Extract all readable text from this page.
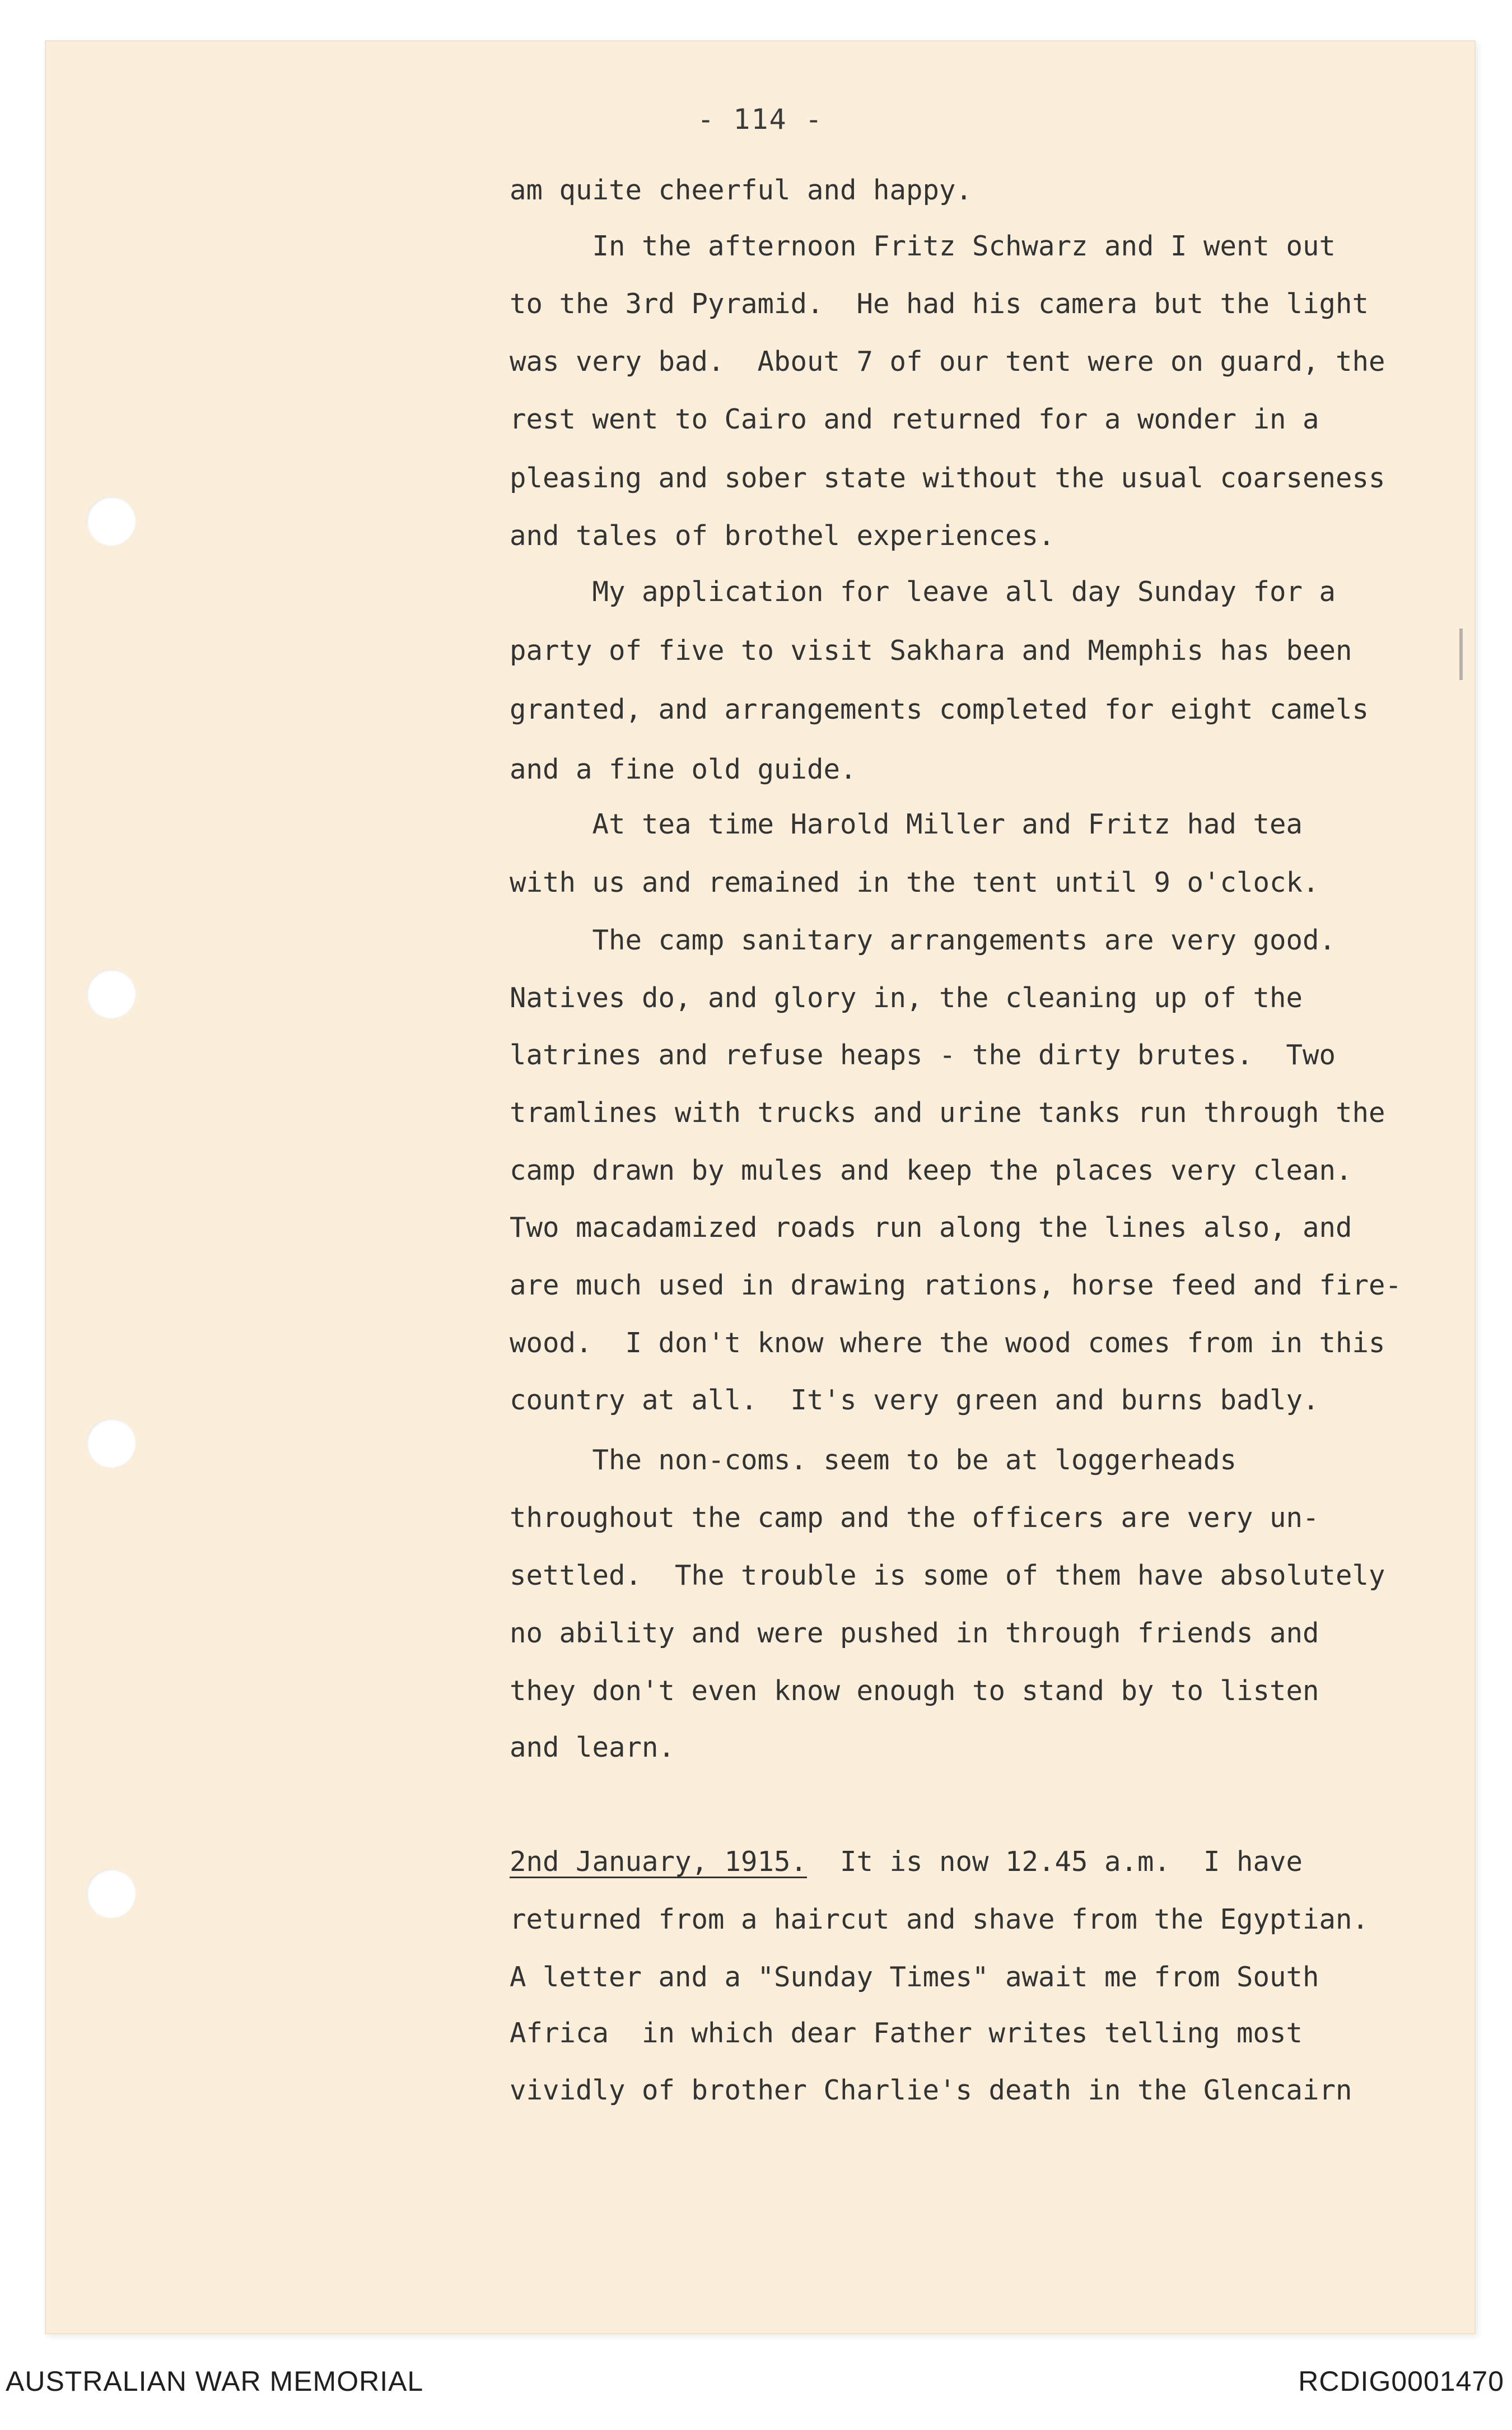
- 114 -

am quite cheerful and happy.

In the afternoon Fritz Schwarz and I went out

to the 3rd Pyramid.  He had his camera but the light

was very bad.  About 7 of our tent were on guard, the

rest went to Cairo and returned for a wonder in a

pleasing and sober state without the usual coarseness

and tales of brothel experiences.

My application for leave all day Sunday for a

party of five to visit Sakhara and Memphis has been

granted, and arrangements completed for eight camels

and a fine old guide.

At tea time Harold Miller and Fritz had tea

with us and remained in the tent until 9 o'clock.

The camp sanitary arrangements are very good.

Natives do, and glory in, the cleaning up of the

latrines and refuse heaps - the dirty brutes.  Two

tramlines with trucks and urine tanks run through the

camp drawn by mules and keep the places very clean.

Two macadamized roads run along the lines also, and

are much used in drawing rations, horse feed and fire-

wood.  I don't know where the wood comes from in this

country at all.  It's very green and burns badly.

The non-coms. seem to be at loggerheads

throughout the camp and the officers are very un-

settled.  The trouble is some of them have absolutely

no ability and were pushed in through friends and

they don't even know enough to stand by to listen

and learn.

2nd January, 1915.  It is now 12.45 a.m.  I have

returned from a haircut and shave from the Egyptian.

A letter and a "Sunday Times" await me from South

Africa  in which dear Father writes telling most

vividly of brother Charlie's death in the Glencairn

AUSTRALIAN WAR MEMORIAL	RCDIG0001470
